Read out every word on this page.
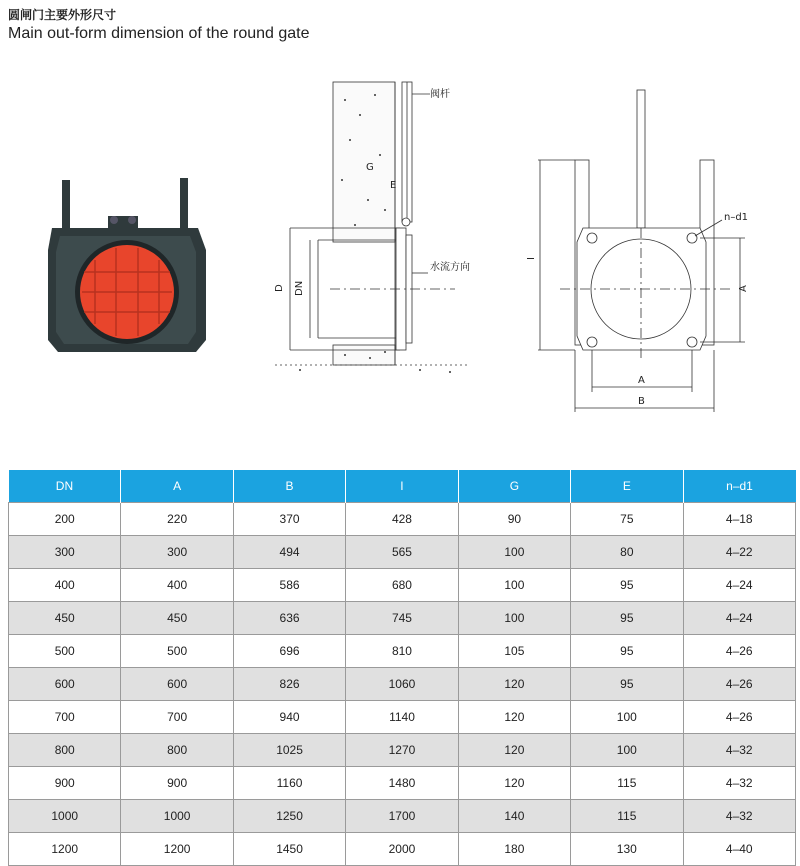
圆闸门主要外形尺寸
Main out-form dimension of the round gate
阀杆
水流方向
D DN
G
E
I
A
A
B
n–d1
DN	A	B	I	G	E	n–d1
200	220	370	428	90	75	4–18
300	300	494	565	100	80	4–22
400	400	586	680	100	95	4–24
450	450	636	745	100	95	4–24
500	500	696	810	105	95	4–26
600	600	826	1060	120	95	4–26
700	700	940	1140	120	100	4–26
800	800	1025	1270	120	100	4–32
900	900	1160	1480	120	115	4–32
1000	1000	1250	1700	140	115	4–32
1200	1200	1450	2000	180	130	4–40
